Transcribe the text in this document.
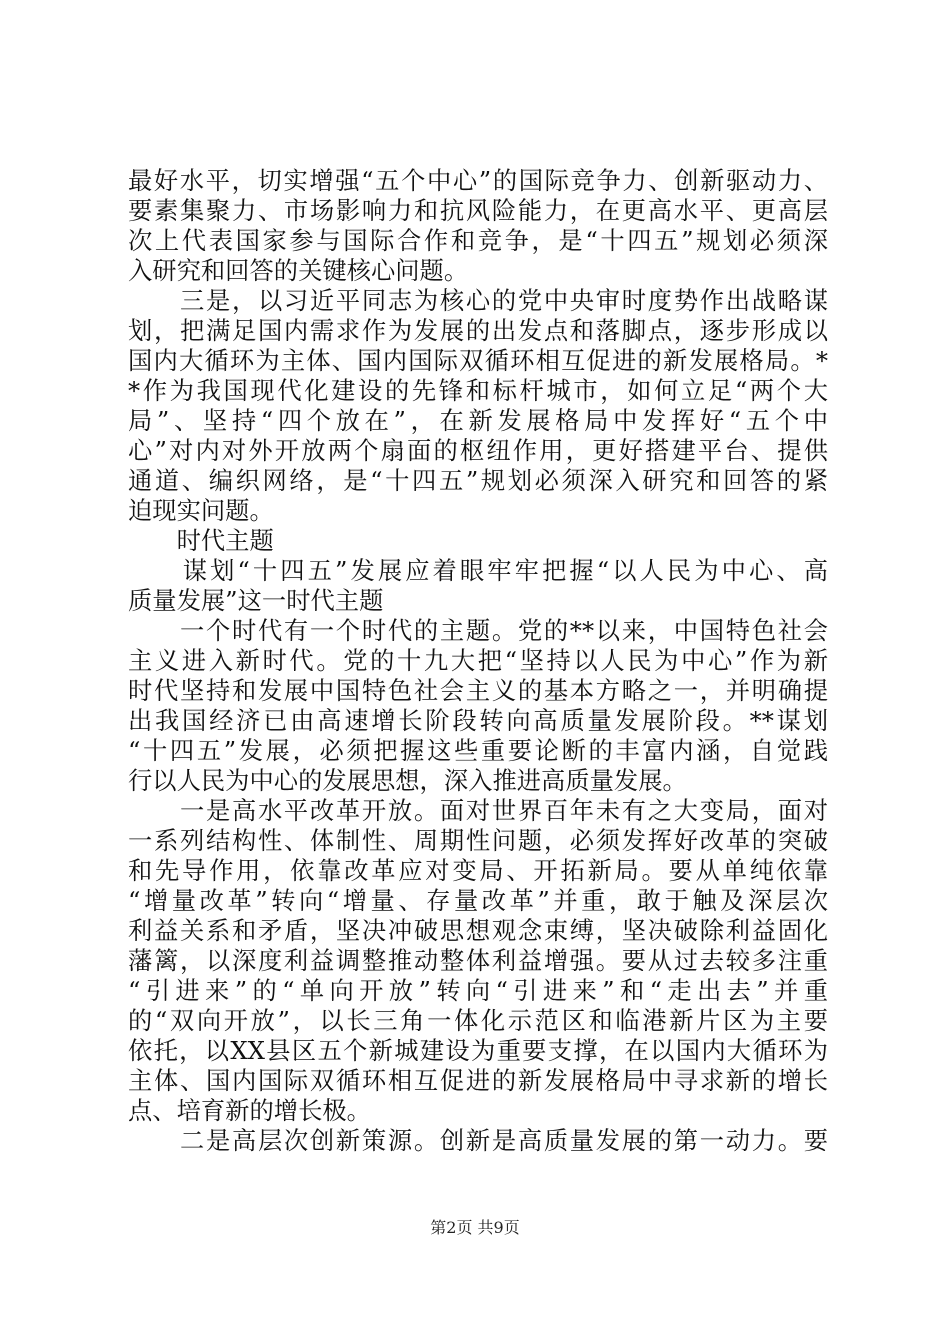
最好水平，切实增强“五个中心”的国际竞争力、创新驱动力、
要素集聚力、市场影响力和抗风险能力，在更高水平、更高层
次上代表国家参与国际合作和竞争，是“十四五”规划必须深
入研究和回答的关键核心问题。
　　三是，以习近平同志为核心的党中央审时度势作出战略谋
划，把满足国内需求作为发展的出发点和落脚点，逐步形成以
国内大循环为主体、国内国际双循环相互促进的新发展格局。*
*作为我国现代化建设的先锋和标杆城市，如何立足“两个大
局”、坚持“四个放在”，在新发展格局中发挥好“五个中
心”对内对外开放两个扇面的枢纽作用，更好搭建平台、提供
通道、编织网络，是“十四五”规划必须深入研究和回答的紧
迫现实问题。
　　时代主题
　　谋划“十四五”发展应着眼牢牢把握“以人民为中心、高
质量发展”这一时代主题
　　一个时代有一个时代的主题。党的**以来，中国特色社会
主义进入新时代。党的十九大把“坚持以人民为中心”作为新
时代坚持和发展中国特色社会主义的基本方略之一，并明确提
出我国经济已由高速增长阶段转向高质量发展阶段。**谋划
“十四五”发展，必须把握这些重要论断的丰富内涵，自觉践
行以人民为中心的发展思想，深入推进高质量发展。
　　一是高水平改革开放。面对世界百年未有之大变局，面对
一系列结构性、体制性、周期性问题，必须发挥好改革的突破
和先导作用，依靠改革应对变局、开拓新局。要从单纯依靠
“增量改革”转向“增量、存量改革”并重，敢于触及深层次
利益关系和矛盾，坚决冲破思想观念束缚，坚决破除利益固化
藩篱，以深度利益调整推动整体利益增强。要从过去较多注重
“引进来”的“单向开放”转向“引进来”和“走出去”并重
的“双向开放”，以长三角一体化示范区和临港新片区为主要
依托，以XX县区五个新城建设为重要支撑，在以国内大循环为
主体、国内国际双循环相互促进的新发展格局中寻求新的增长
点、培育新的增长极。
　　二是高层次创新策源。创新是高质量发展的第一动力。要
第2页 共9页
